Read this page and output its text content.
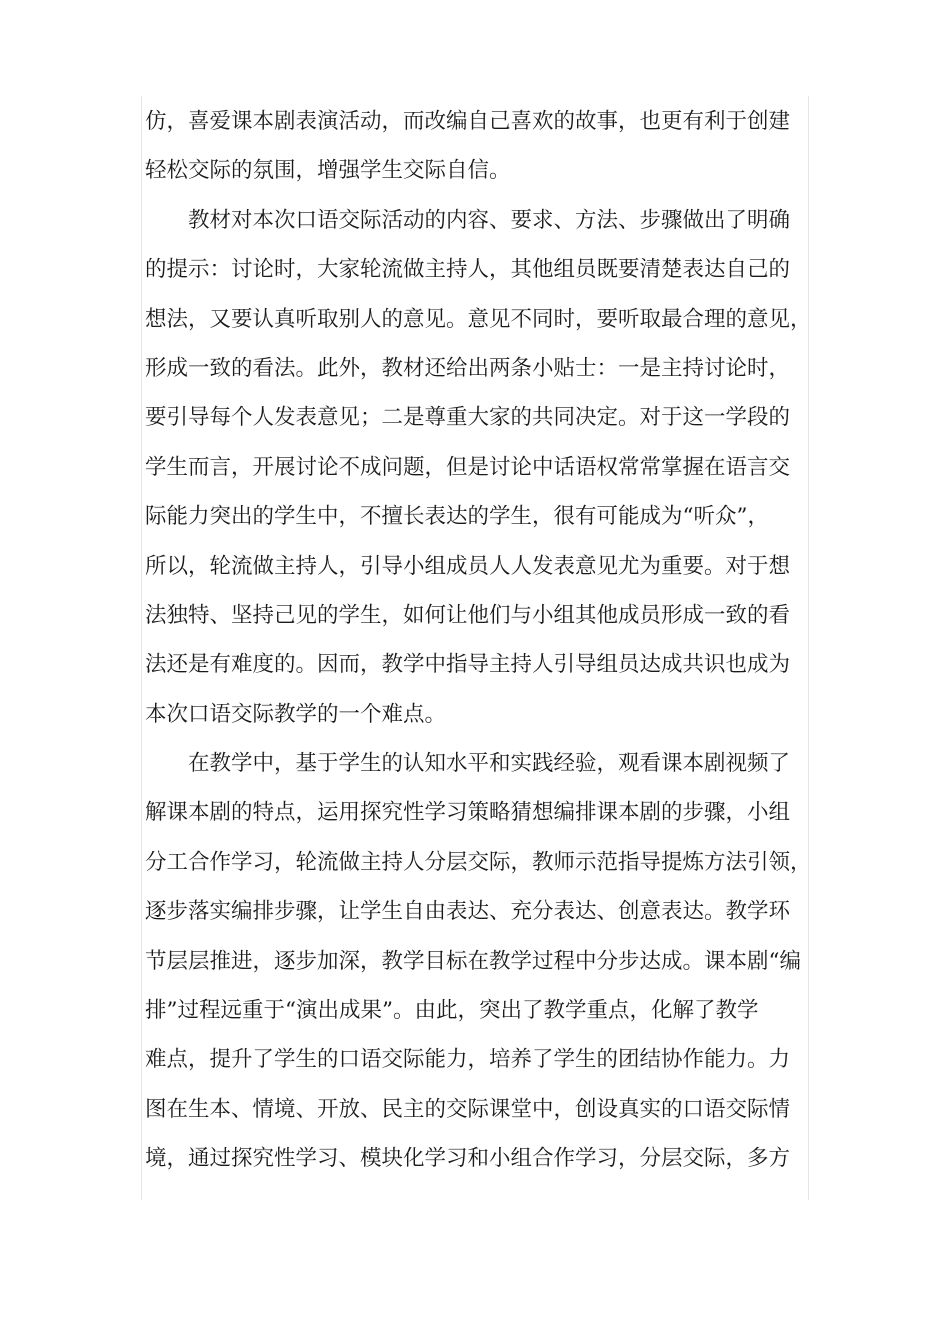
仿，喜爱课本剧表演活动，而改编自己喜欢的故事，也更有利于创建
轻松交际的氛围，增强学生交际自信。
教材对本次口语交际活动的内容、要求、方法、步骤做出了明确
的提示：讨论时，大家轮流做主持人，其他组员既要清楚表达自己的
想法，又要认真听取别人的意见。意见不同时，要听取最合理的意见，
形成一致的看法。此外，教材还给出两条小贴士：一是主持讨论时，
要引导每个人发表意见；二是尊重大家的共同决定。对于这一学段的
学生而言，开展讨论不成问题，但是讨论中话语权常常掌握在语言交
际能力突出的学生中，不擅长表达的学生，很有可能成为“听众”，
所以，轮流做主持人，引导小组成员人人发表意见尤为重要。对于想
法独特、坚持己见的学生，如何让他们与小组其他成员形成一致的看
法还是有难度的。因而，教学中指导主持人引导组员达成共识也成为
本次口语交际教学的一个难点。
在教学中，基于学生的认知水平和实践经验，观看课本剧视频了
解课本剧的特点，运用探究性学习策略猜想编排课本剧的步骤，小组
分工合作学习，轮流做主持人分层交际，教师示范指导提炼方法引领，
逐步落实编排步骤，让学生自由表达、充分表达、创意表达。教学环
节层层推进，逐步加深，教学目标在教学过程中分步达成。课本剧“编
排”过程远重于“演出成果”。由此，突出了教学重点，化解了教学
难点，提升了学生的口语交际能力，培养了学生的团结协作能力。力
图在生本、情境、开放、民主的交际课堂中，创设真实的口语交际情
境，通过探究性学习、模块化学习和小组合作学习，分层交际，多方
